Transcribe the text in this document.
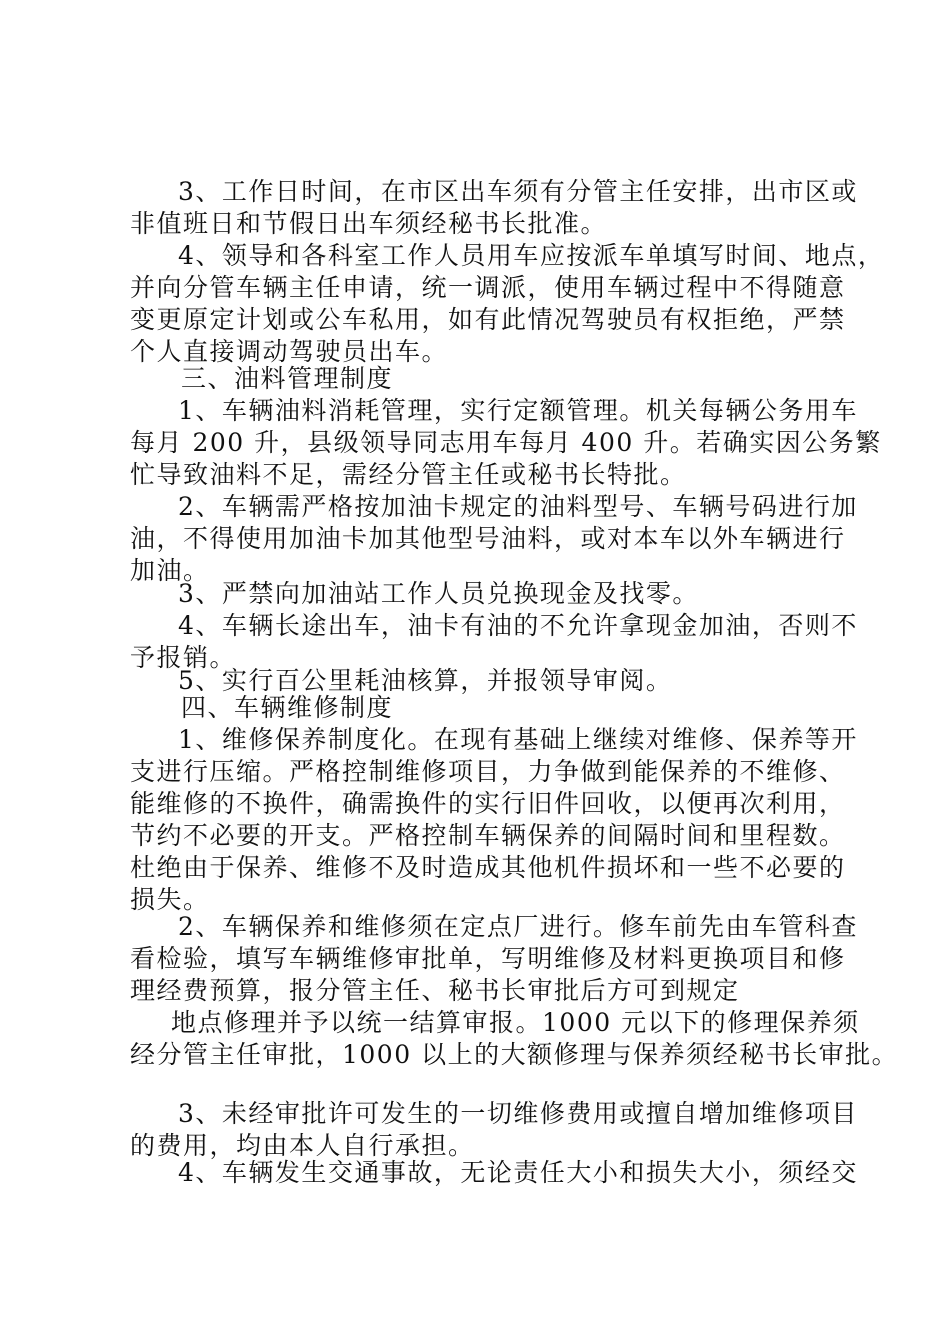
3、工作日时间，在市区出车须有分管主任安排，出市区或
非值班日和节假日出车须经秘书长批准。
4、领导和各科室工作人员用车应按派车单填写时间、地点，
并向分管车辆主任申请，统一调派，使用车辆过程中不得随意
变更原定计划或公车私用，如有此情况驾驶员有权拒绝，严禁
个人直接调动驾驶员出车。
三、油料管理制度
1、车辆油料消耗管理，实行定额管理。机关每辆公务用车
每月 200 升，县级领导同志用车每月 400 升。若确实因公务繁
忙导致油料不足，需经分管主任或秘书长特批。
2、车辆需严格按加油卡规定的油料型号、车辆号码进行加
油，不得使用加油卡加其他型号油料，或对本车以外车辆进行
加油。
3、严禁向加油站工作人员兑换现金及找零。
4、车辆长途出车，油卡有油的不允许拿现金加油，否则不
予报销。
5、实行百公里耗油核算，并报领导审阅。
四、车辆维修制度
1、维修保养制度化。在现有基础上继续对维修、保养等开
支进行压缩。严格控制维修项目，力争做到能保养的不维修、
能维修的不换件，确需换件的实行旧件回收，以便再次利用，
节约不必要的开支。严格控制车辆保养的间隔时间和里程数。
杜绝由于保养、维修不及时造成其他机件损坏和一些不必要的
损失。
2、车辆保养和维修须在定点厂进行。修车前先由车管科查
看检验，填写车辆维修审批单，写明维修及材料更换项目和修
理经费预算，报分管主任、秘书长审批后方可到规定
地点修理并予以统一结算审报。1000 元以下的修理保养须
经分管主任审批，1000 以上的大额修理与保养须经秘书长审批。
3、未经审批许可发生的一切维修费用或擅自增加维修项目
的费用，均由本人自行承担。
4、车辆发生交通事故，无论责任大小和损失大小，须经交
